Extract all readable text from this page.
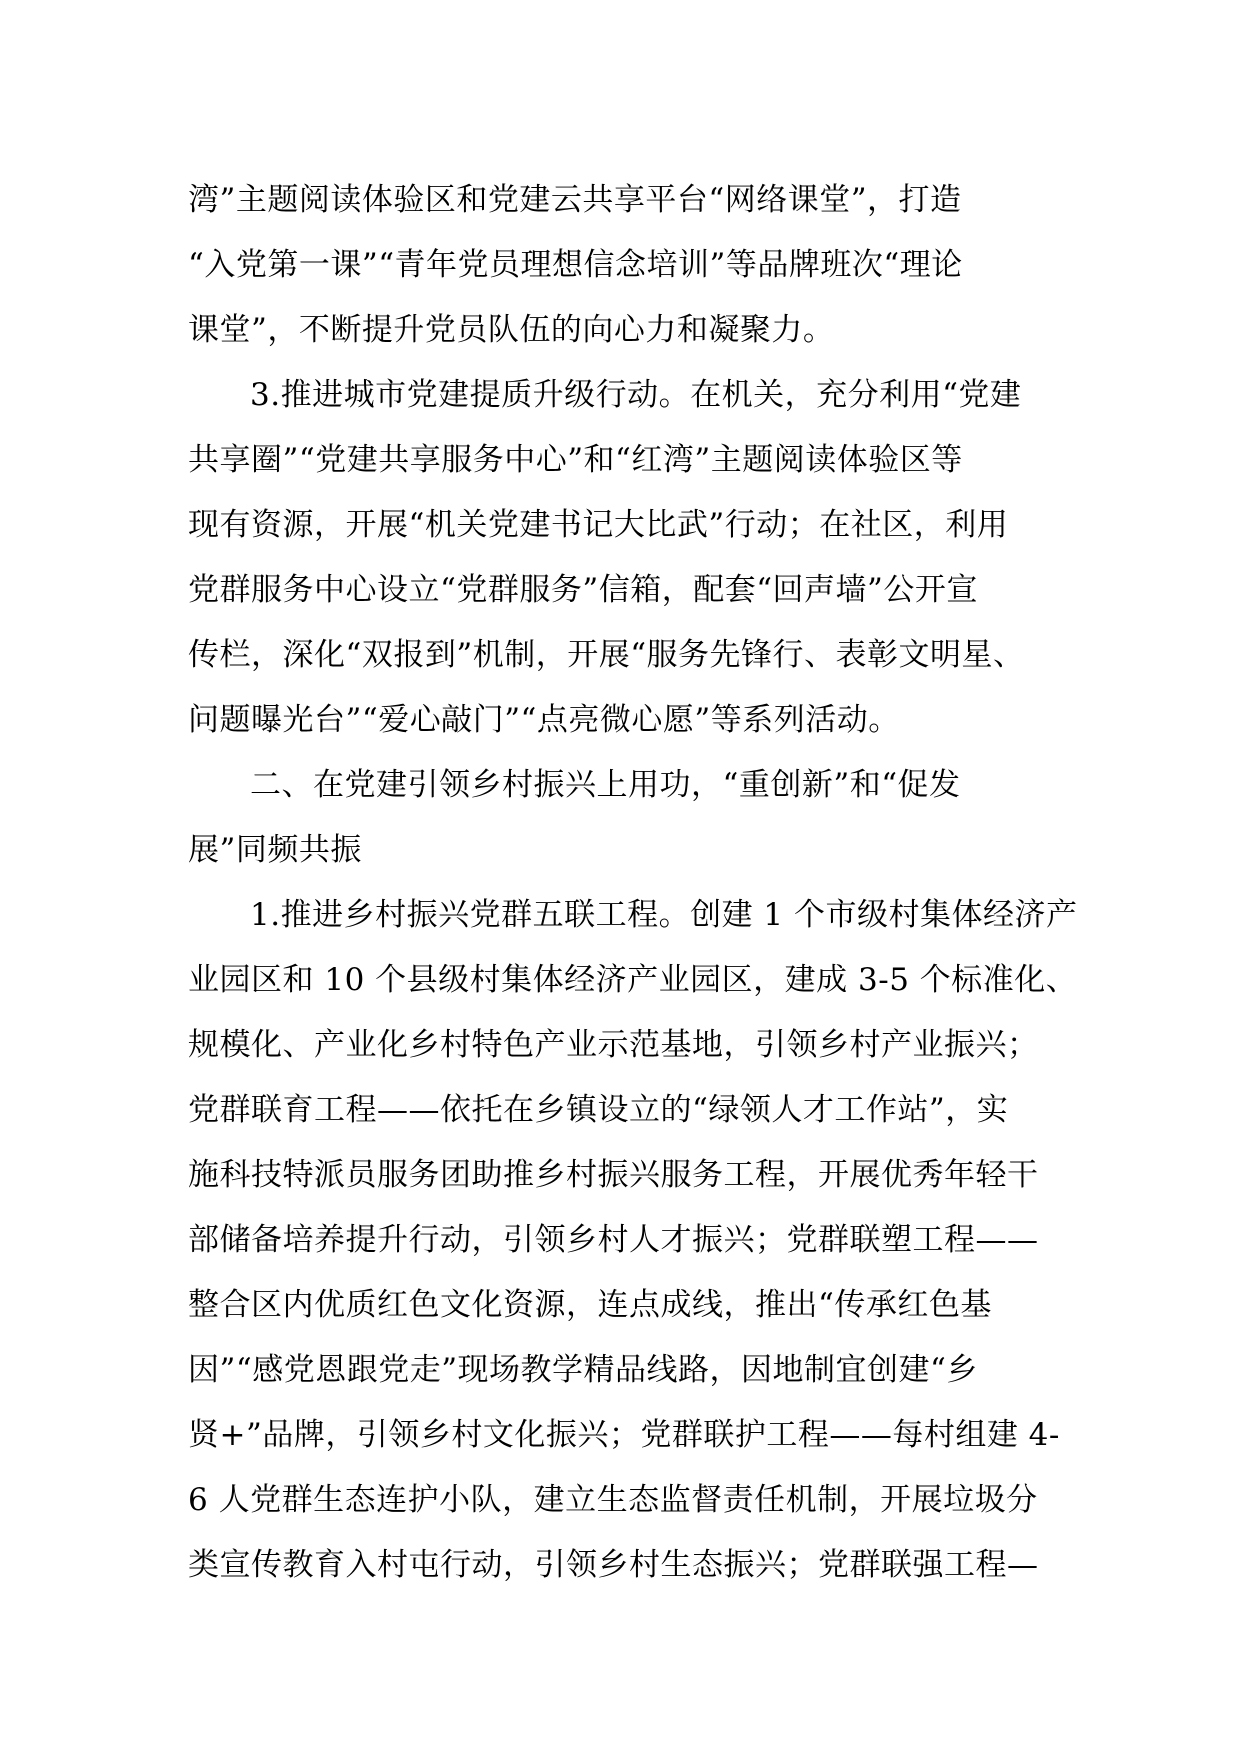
湾”主题阅读体验区和党建云共享平台“网络课堂”，打造
“入党第一课”“青年党员理想信念培训”等品牌班次“理论
课堂”，不断提升党员队伍的向心力和凝聚力。
3.推进城市党建提质升级行动。在机关，充分利用“党建
共享圈”“党建共享服务中心”和“红湾”主题阅读体验区等
现有资源，开展“机关党建书记大比武”行动；在社区，利用
党群服务中心设立“党群服务”信箱，配套“回声墙”公开宣
传栏，深化“双报到”机制，开展“服务先锋行、表彰文明星、
问题曝光台”“爱心敲门”“点亮微心愿”等系列活动。
二、在党建引领乡村振兴上用功，“重创新”和“促发
展”同频共振
1.推进乡村振兴党群五联工程。创建 1 个市级村集体经济产
业园区和 10 个县级村集体经济产业园区，建成 3-5 个标准化、
规模化、产业化乡村特色产业示范基地，引领乡村产业振兴；
党群联育工程——依托在乡镇设立的“绿领人才工作站”，实
施科技特派员服务团助推乡村振兴服务工程，开展优秀年轻干
部储备培养提升行动，引领乡村人才振兴；党群联塑工程——
整合区内优质红色文化资源，连点成线，推出“传承红色基
因”“感党恩跟党走”现场教学精品线路，因地制宜创建“乡
贤+”品牌，引领乡村文化振兴；党群联护工程——每村组建 4-
6 人党群生态连护小队，建立生态监督责任机制，开展垃圾分
类宣传教育入村屯行动，引领乡村生态振兴；党群联强工程—
